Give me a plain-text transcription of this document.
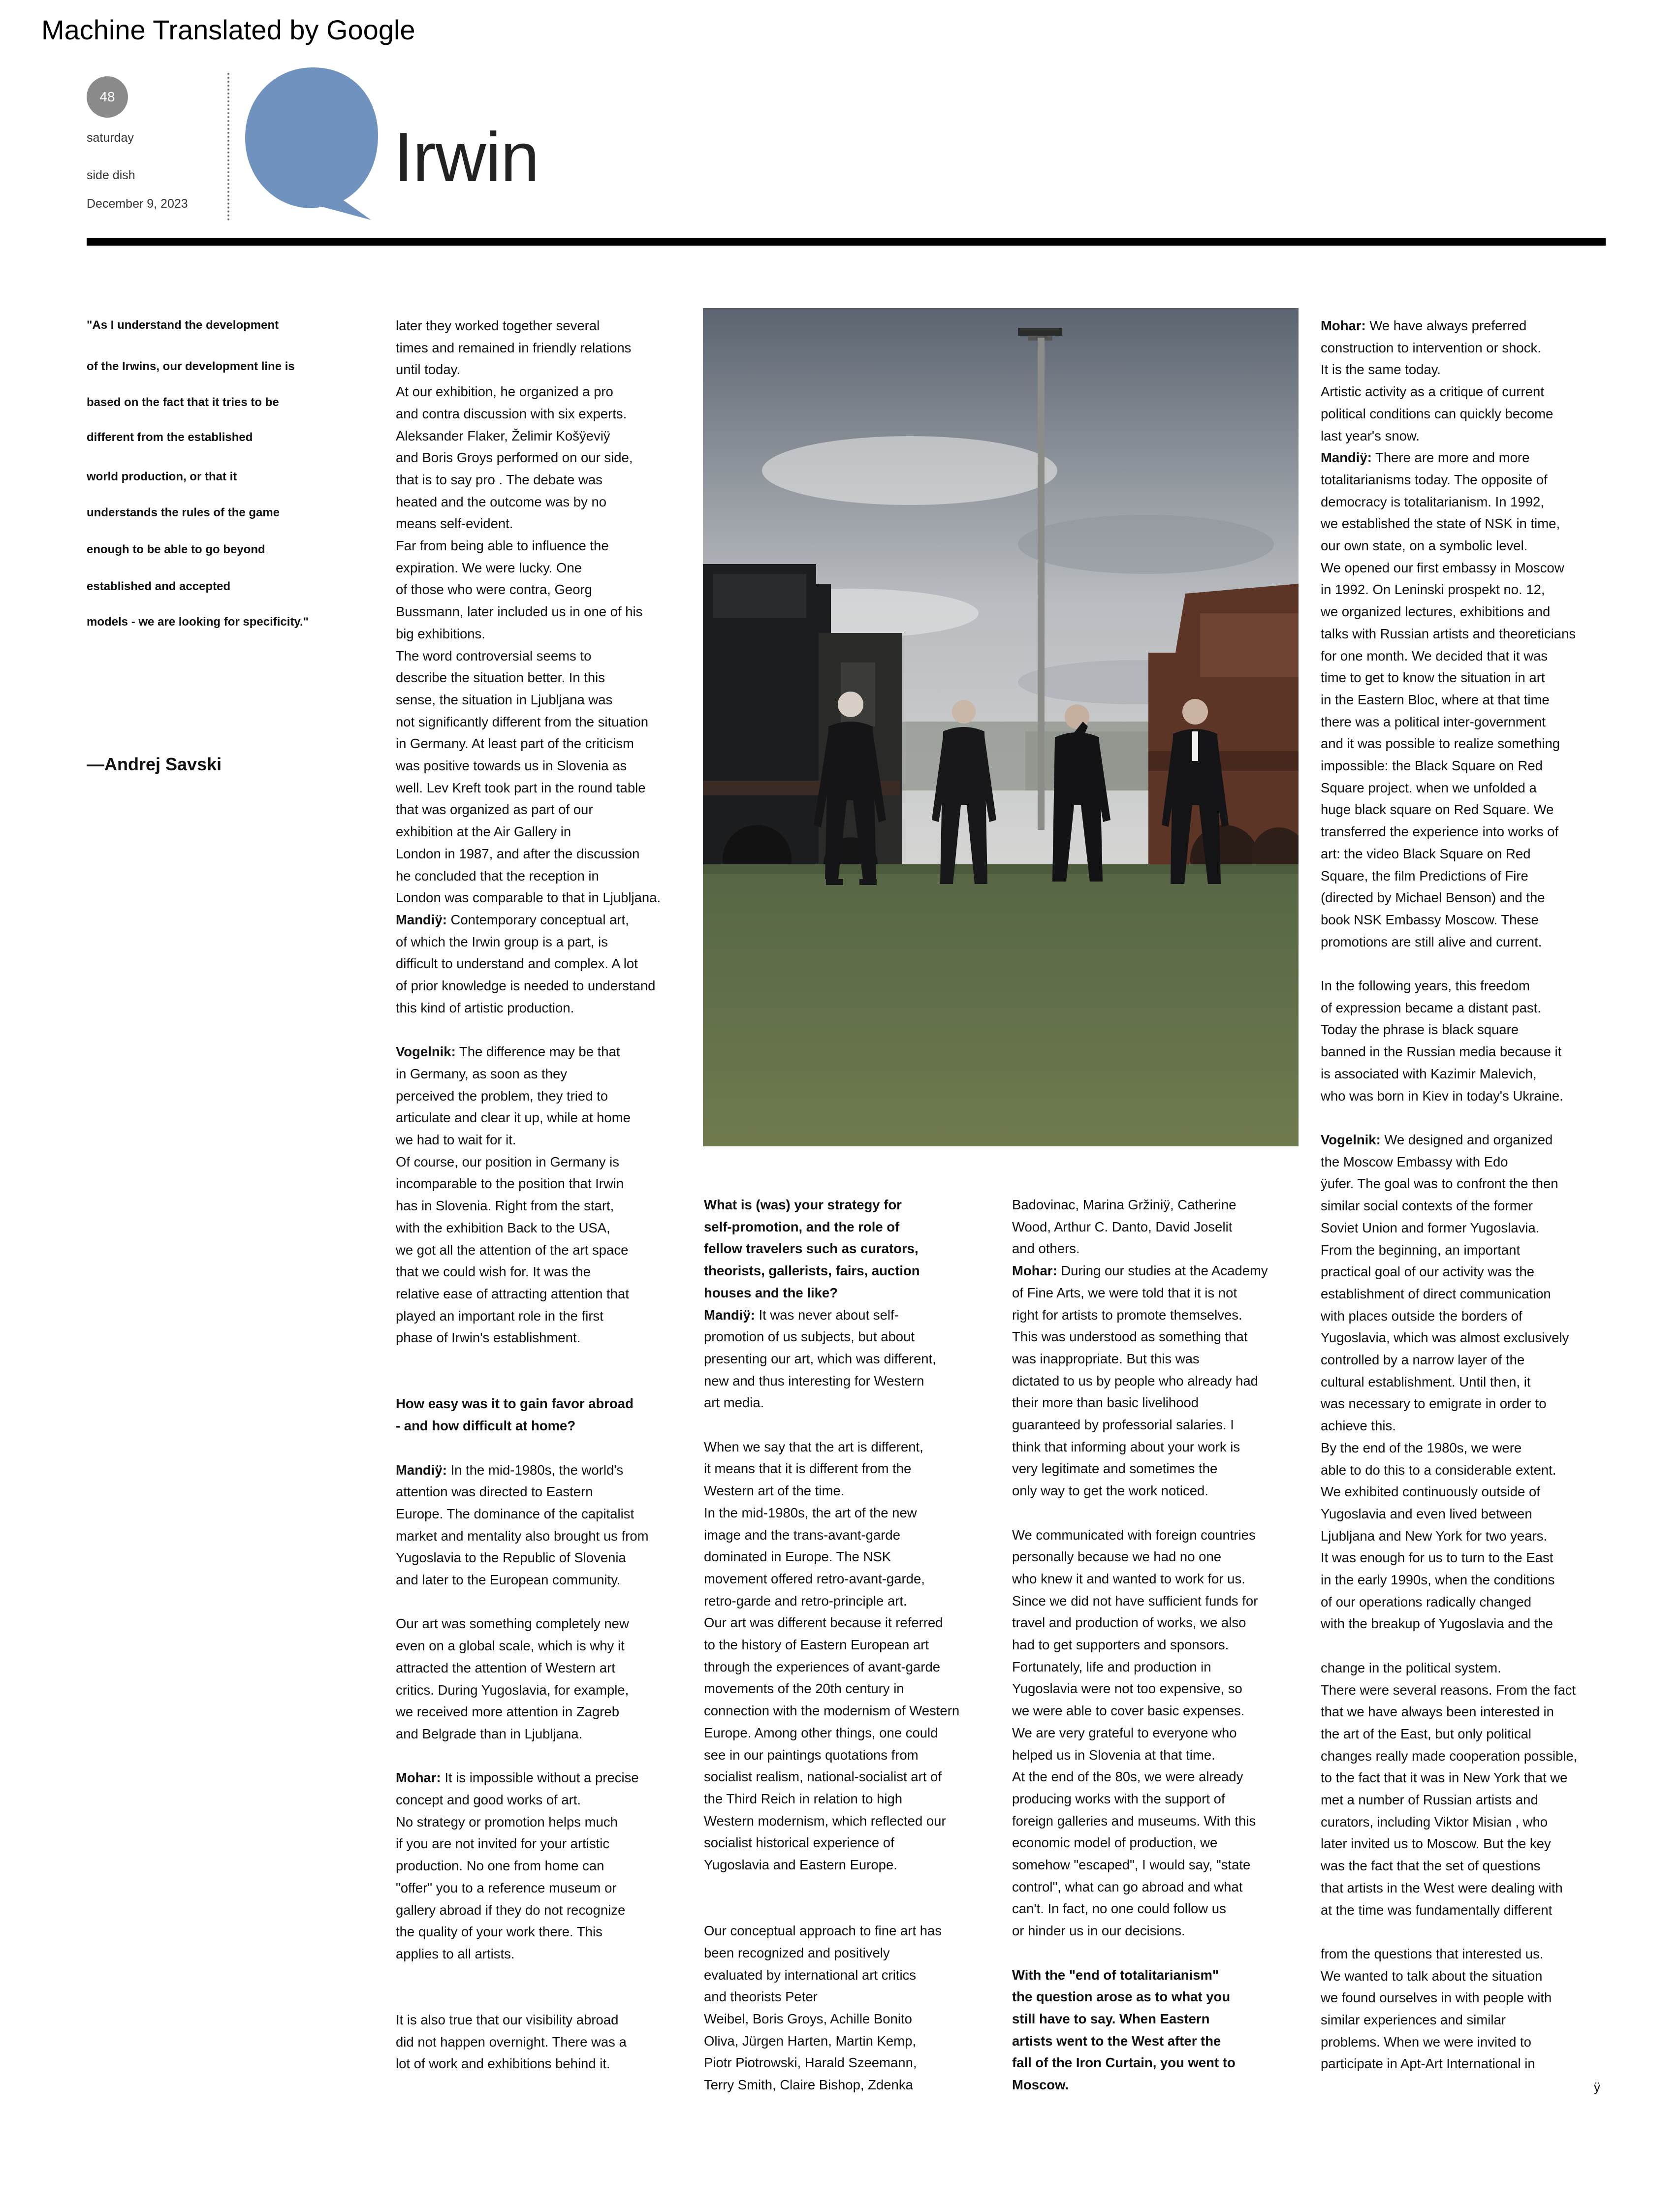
Machine Translated by Google
48
saturday
side dish
December 9, 2023
Irwin
"As I understand the development
of the Irwins, our development line is
based on the fact that it tries to be
different from the established
world production, or that it
understands the rules of the game
enough to be able to go beyond
established and accepted
models - we are looking for specificity."
—Andrej Savski

later they worked together several

times and remained in friendly relations

until today.

At our exhibition, he organized a pro

and contra discussion with six experts.

Aleksander Flaker, Želimir Košÿeviÿ

and Boris Groys performed on our side,

that is to say pro . The debate was

heated and the outcome was by no

means self-evident.

Far from being able to influence the

expiration. We were lucky. One

of those who were contra, Georg

Bussmann, later included us in one of his

big exhibitions.

The word controversial seems to

describe the situation better. In this

sense, the situation in Ljubljana was

not significantly different from the situation

in Germany. At least part of the criticism

was positive towards us in Slovenia as

well. Lev Kreft took part in the round table

that was organized as part of our

exhibition at the Air Gallery in

London in 1987, and after the discussion

he concluded that the reception in

London was comparable to that in Ljubljana.

Mandiÿ: Contemporary conceptual art,

of which the Irwin group is a part, is

difficult to understand and complex. A lot

of prior knowledge is needed to understand

this kind of artistic production.

Vogelnik: The difference may be that

in Germany, as soon as they

perceived the problem, they tried to

articulate and clear it up, while at home

we had to wait for it.

Of course, our position in Germany is

incomparable to the position that Irwin

has in Slovenia. Right from the start,

with the exhibition Back to the USA,

we got all the attention of the art space

that we could wish for. It was the

relative ease of attracting attention that

played an important role in the first

phase of Irwin's establishment.

How easy was it to gain favor abroad

- and how difficult at home?

Mandiÿ: In the mid-1980s, the world's

attention was directed to Eastern

Europe. The dominance of the capitalist

market and mentality also brought us from

Yugoslavia to the Republic of Slovenia

and later to the European community.

Our art was something completely new

even on a global scale, which is why it

attracted the attention of Western art

critics. During Yugoslavia, for example,

we received more attention in Zagreb

and Belgrade than in Ljubljana.

Mohar: It is impossible without a precise

concept and good works of art.

No strategy or promotion helps much

if you are not invited for your artistic

production. No one from home can

"offer" you to a reference museum or

gallery abroad if they do not recognize

the quality of your work there. This

applies to all artists.

It is also true that our visibility abroad

did not happen overnight. There was a

lot of work and exhibitions behind it.

What is (was) your strategy for

self-promotion, and the role of

fellow travelers such as curators,

theorists, gallerists, fairs, auction

houses and the like?

Mandiÿ: It was never about self-

promotion of us subjects, but about

presenting our art, which was different,

new and thus interesting for Western

art media.

When we say that the art is different,

it means that it is different from the

Western art of the time.

In the mid-1980s, the art of the new

image and the trans-avant-garde

dominated in Europe. The NSK

movement offered retro-avant-garde,

retro-garde and retro-principle art.

Our art was different because it referred

to the history of Eastern European art

through the experiences of avant-garde

movements of the 20th century in

connection with the modernism of Western

Europe. Among other things, one could

see in our paintings quotations from

socialist realism, national-socialist art of

the Third Reich in relation to high

Western modernism, which reflected our

socialist historical experience of

Yugoslavia and Eastern Europe.

Our conceptual approach to fine art has

been recognized and positively

evaluated by international art critics

and theorists Peter

Weibel, Boris Groys, Achille Bonito

Oliva, Jürgen Harten, Martin Kemp,

Piotr Piotrowski, Harald Szeemann,

Terry Smith, Claire Bishop, Zdenka

Badovinac, Marina Gržiniÿ, Catherine

Wood, Arthur C. Danto, David Joselit

and others.

Mohar: During our studies at the Academy

of Fine Arts, we were told that it is not

right for artists to promote themselves.

This was understood as something that

was inappropriate. But this was

dictated to us by people who already had

their more than basic livelihood

guaranteed by professorial salaries. I

think that informing about your work is

very legitimate and sometimes the

only way to get the work noticed.

We communicated with foreign countries

personally because we had no one

who knew it and wanted to work for us.

Since we did not have sufficient funds for

travel and production of works, we also

had to get supporters and sponsors.

Fortunately, life and production in

Yugoslavia were not too expensive, so

we were able to cover basic expenses.

We are very grateful to everyone who

helped us in Slovenia at that time.

At the end of the 80s, we were already

producing works with the support of

foreign galleries and museums. With this

economic model of production, we

somehow "escaped", I would say, "state

control", what can go abroad and what

can't. In fact, no one could follow us

or hinder us in our decisions.

With the "end of totalitarianism"

the question arose as to what you

still have to say. When Eastern

artists went to the West after the

fall of the Iron Curtain, you went to

Moscow.

Mohar: We have always preferred

construction to intervention or shock.

It is the same today.

Artistic activity as a critique of current

political conditions can quickly become

last year's snow.

Mandiÿ: There are more and more

totalitarianisms today. The opposite of

democracy is totalitarianism. In 1992,

we established the state of NSK in time,

our own state, on a symbolic level.

We opened our first embassy in Moscow

in 1992. On Leninski prospekt no. 12,

we organized lectures, exhibitions and

talks with Russian artists and theoreticians

for one month. We decided that it was

time to get to know the situation in art

in the Eastern Bloc, where at that time

there was a political inter-government

and it was possible to realize something

impossible: the Black Square on Red

Square project. when we unfolded a

huge black square on Red Square. We

transferred the experience into works of

art: the video Black Square on Red

Square, the film Predictions of Fire

(directed by Michael Benson) and the

book NSK Embassy Moscow. These

promotions are still alive and current.

In the following years, this freedom

of expression became a distant past.

Today the phrase is black square

banned in the Russian media because it

is associated with Kazimir Malevich,

who was born in Kiev in today's Ukraine.

Vogelnik: We designed and organized

the Moscow Embassy with Edo

ÿufer. The goal was to confront the then

similar social contexts of the former

Soviet Union and former Yugoslavia.

From the beginning, an important

practical goal of our activity was the

establishment of direct communication

with places outside the borders of

Yugoslavia, which was almost exclusively

controlled by a narrow layer of the

cultural establishment. Until then, it

was necessary to emigrate in order to

achieve this.

By the end of the 1980s, we were

able to do this to a considerable extent.

We exhibited continuously outside of

Yugoslavia and even lived between

Ljubljana and New York for two years.

It was enough for us to turn to the East

in the early 1990s, when the conditions

of our operations radically changed

with the breakup of Yugoslavia and the

change in the political system.

There were several reasons. From the fact

that we have always been interested in

the art of the East, but only political

changes really made cooperation possible,

to the fact that it was in New York that we

met a number of Russian artists and

curators, including Viktor Misian , who

later invited us to Moscow. But the key

was the fact that the set of questions

that artists in the West were dealing with

at the time was fundamentally different

from the questions that interested us.

We wanted to talk about the situation

we found ourselves in with people with

similar experiences and similar

problems. When we were invited to

participate in Apt-Art International in

ÿ
